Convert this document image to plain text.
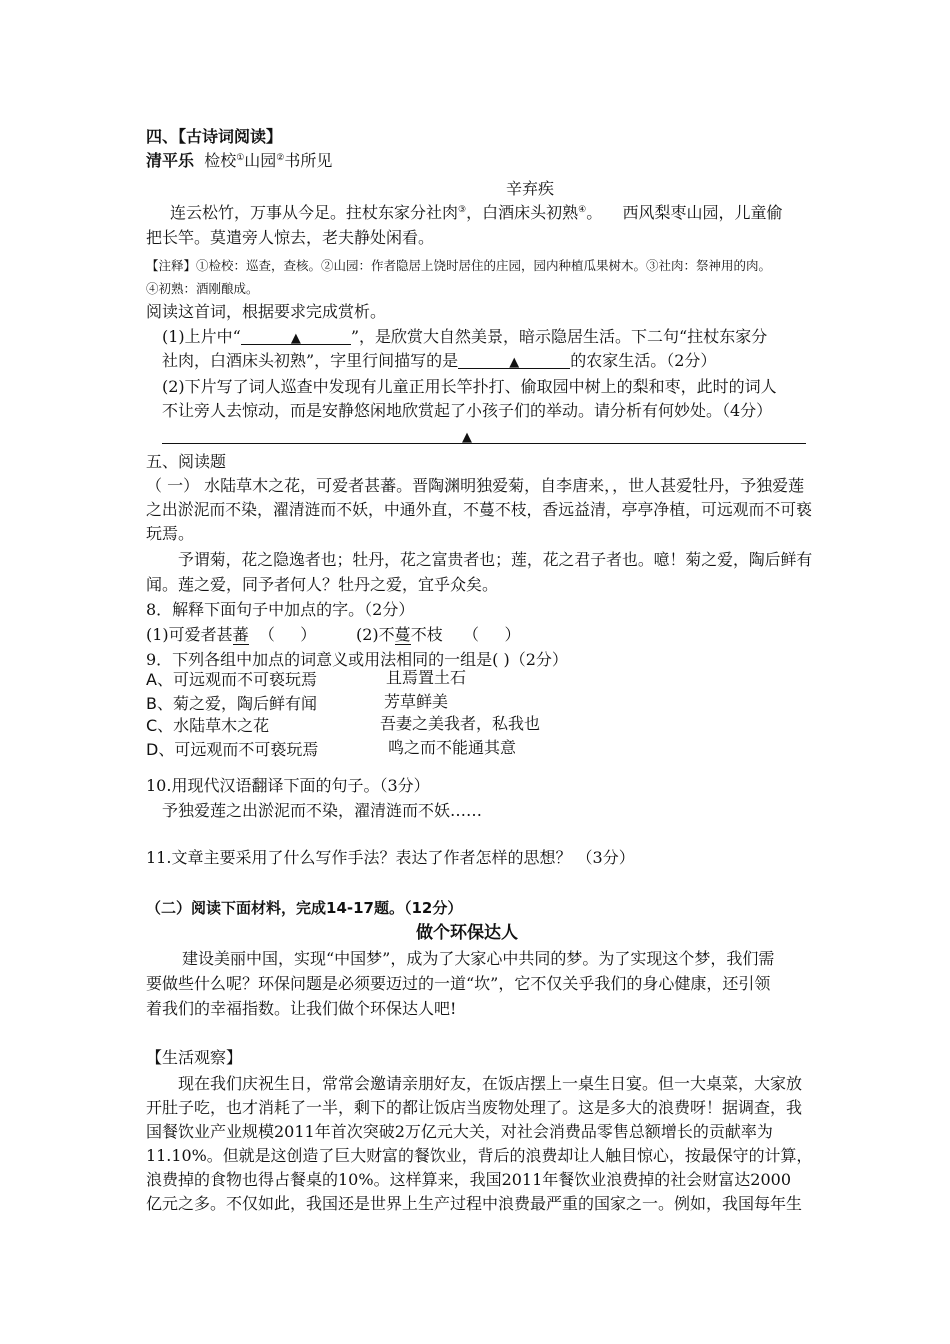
四、【古诗词阅读】
清平乐 检校①山园②书所见
辛弃疾
连云松竹，万事从今足。拄杖东家分社肉③，白酒床头初熟④。    西风梨枣山园，儿童偷
把长竿。莫遣旁人惊去，老夫静处闲看。
【注释】①检校：巡查，查核。②山园：作者隐居上饶时居住的庄园，园内种植瓜果树木。③社肉：祭神用的肉。
④初熟：酒刚酿成。
阅读这首词，根据要求完成赏析。
(1)上片中“	▲	”，是欣赏大自然美景，暗示隐居生活。下二句“拄杖东家分
社肉，白酒床头初熟”，字里行间描写的是	▲	的农家生活。（2分）
(2)下片写了词人巡查中发现有儿童正用长竿扑打、偷取园中树上的梨和枣，此时的词人
不让旁人去惊动，而是安静悠闲地欣赏起了小孩子们的举动。请分析有何妙处。（4分）
▲
五、阅读题
（ 一） 水陆草木之花，可爱者甚蕃。晋陶渊明独爱菊，自李唐来，，世人甚爱牡丹，予独爱莲
之出淤泥而不染，濯清涟而不妖，中通外直，不蔓不枝，香远益清，亭亭净植，可远观而不可亵
玩焉。
予谓菊，花之隐逸者也；牡丹，花之富贵者也；莲，花之君子者也。噫！菊之爱，陶后鲜有
闻。莲之爱，同予者何人？牡丹之爱，宜乎众矣。
8．解释下面句子中加点的字。（2分）
(1)可爱者甚蕃  （     ） (2)不蔓不枝    （     ）
9．下列各组中加点的词意义或用法相同的一组是( )（2分）
A、可远观而不可亵玩焉	且焉置土石
B、菊之爱，陶后鲜有闻	芳草鲜美
C、水陆草木之花	吾妻之美我者，私我也
D、可远观而不可亵玩焉	鸣之而不能通其意
10.用现代汉语翻译下面的句子。（3分）
予独爱莲之出淤泥而不染，濯清涟而不妖……
11.文章主要采用了什么写作手法？表达了作者怎样的思想？ （3分）
（二）阅读下面材料，完成14-17题。（12分）
做个环保达人
建设美丽中国，实现“中国梦”，成为了大家心中共同的梦。为了实现这个梦，我们需
要做些什么呢？环保问题是必须要迈过的一道“坎”，它不仅关乎我们的身心健康，还引领
着我们的幸福指数。让我们做个环保达人吧!
【生活观察】
现在我们庆祝生日，常常会邀请亲朋好友，在饭店摆上一桌生日宴。但一大桌菜，大家放
开肚子吃，也才消耗了一半，剩下的都让饭店当废物处理了。这是多大的浪费呀！据调查，我
国餐饮业产业规模2011年首次突破2万亿元大关，对社会消费品零售总额增长的贡献率为
11.10%。但就是这创造了巨大财富的餐饮业，背后的浪费却让人触目惊心，按最保守的计算，
浪费掉的食物也得占餐桌的10%。这样算来，我国2011年餐饮业浪费掉的社会财富达2000
亿元之多。不仅如此，我国还是世界上生产过程中浪费最严重的国家之一。例如，我国每年生
